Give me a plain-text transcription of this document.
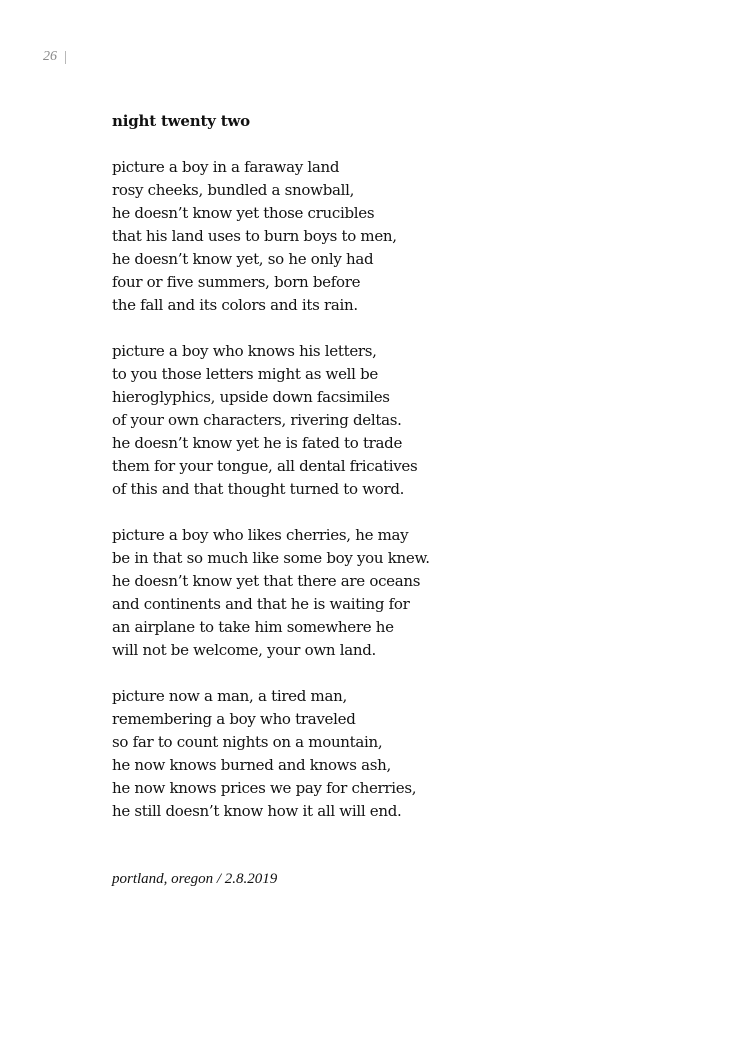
26
night twenty two
picture a boy in a faraway land
rosy cheeks, bundled a snowball,
he doesn’t know yet those crucibles
that his land uses to burn boys to men,
he doesn’t know yet, so he only had
four or five summers, born before
the fall and its colors and its rain.
picture a boy who knows his letters,
to you those letters might as well be
hieroglyphics, upside down facsimiles
of your own characters, rivering deltas.
he doesn’t know yet he is fated to trade
them for your tongue, all dental fricatives
of this and that thought turned to word.
picture a boy who likes cherries, he may
be in that so much like some boy you knew.
he doesn’t know yet that there are oceans
and continents and that he is waiting for
an airplane to take him somewhere he
will not be welcome, your own land.
picture now a man, a tired man,
remembering a boy who traveled
so far to count nights on a mountain,
he now knows burned and knows ash,
he now knows prices we pay for cherries,
he still doesn’t know how it all will end.
portland, oregon / 2.8.2019
